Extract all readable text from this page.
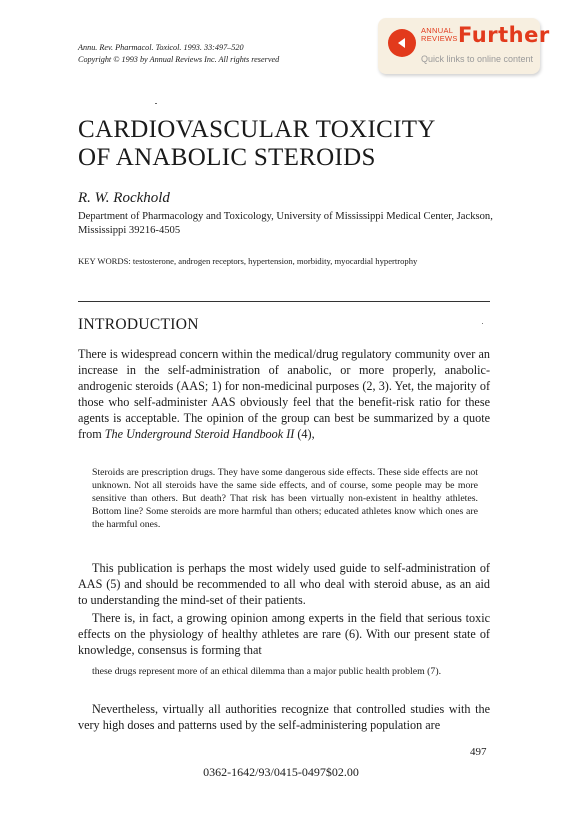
Annu. Rev. Pharmacol. Toxicol. 1993. 33:497–520
Copyright © 1993 by Annual Reviews Inc. All rights reserved
ANNUAL
REVIEWS Further
Quick links to online content
CARDIOVASCULAR TOXICITY
OF ANABOLIC STEROIDS
R. W. Rockhold
Department of Pharmacology and Toxicology, University of Mississippi Medical Center, Jackson, Mississippi 39216-4505
KEY WORDS: testosterone, androgen receptors, hypertension, morbidity, myocardial hypertrophy
INTRODUCTION
There is widespread concern within the medical/drug regulatory community over an increase in the self-administration of anabolic, or more properly, anabolic-androgenic steroids (AAS; 1) for non-medicinal purposes (2, 3). Yet, the majority of those who self-administer AAS obviously feel that the benefit-risk ratio for these agents is acceptable. The opinion of the group can best be summarized by a quote from The Underground Steroid Handbook II (4),
Steroids are prescription drugs. They have some dangerous side effects. These side effects are not unknown. Not all steroids have the same side effects, and of course, some people may be more sensitive than others. But death? That risk has been virtually non-existent in healthy athletes. Bottom line? Some steroids are more harmful than others; educated athletes know which ones are the harmful ones.
This publication is perhaps the most widely used guide to self-administration of AAS (5) and should be recommended to all who deal with steroid abuse, as an aid to understanding the mind-set of their patients.
There is, in fact, a growing opinion among experts in the field that serious toxic effects on the physiology of healthy athletes are rare (6). With our present state of knowledge, consensus is forming that
these drugs represent more of an ethical dilemma than a major public health problem (7).
Nevertheless, virtually all authorities recognize that controlled studies with the very high doses and patterns used by the self-administering population are
497
0362-1642/93/0415-0497$02.00
